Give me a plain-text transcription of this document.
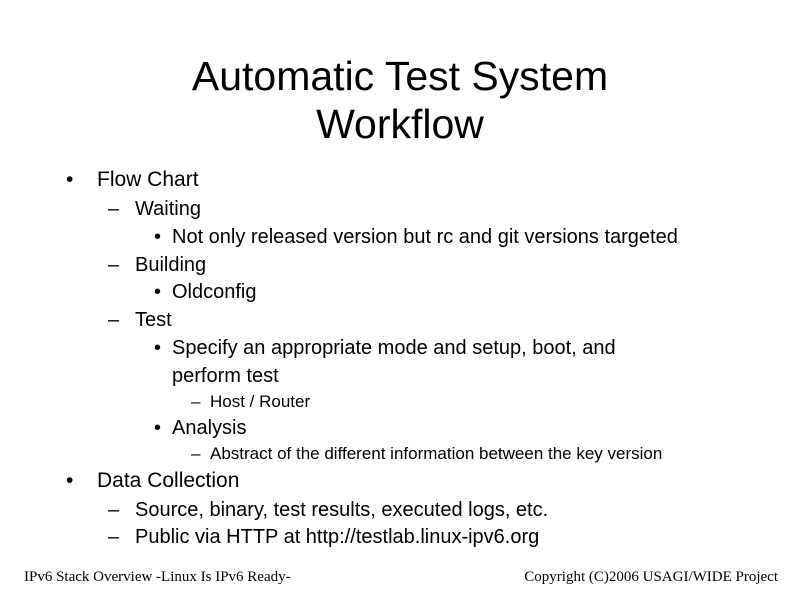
Automatic Test System
Workflow
• Flow Chart
– Waiting
• Not only released version but rc and git versions targeted
– Building
• Oldconfig
– Test
• Specify an appropriate mode and setup, boot, and
perform test
– Host / Router
• Analysis
– Abstract of the different information between the key version
• Data Collection
– Source, binary, test results, executed logs, etc.
– Public via HTTP at http://testlab.linux-ipv6.org
IPv6 Stack Overview -Linux Is IPv6 Ready-	Copyright (C)2006 USAGI/WIDE Project
